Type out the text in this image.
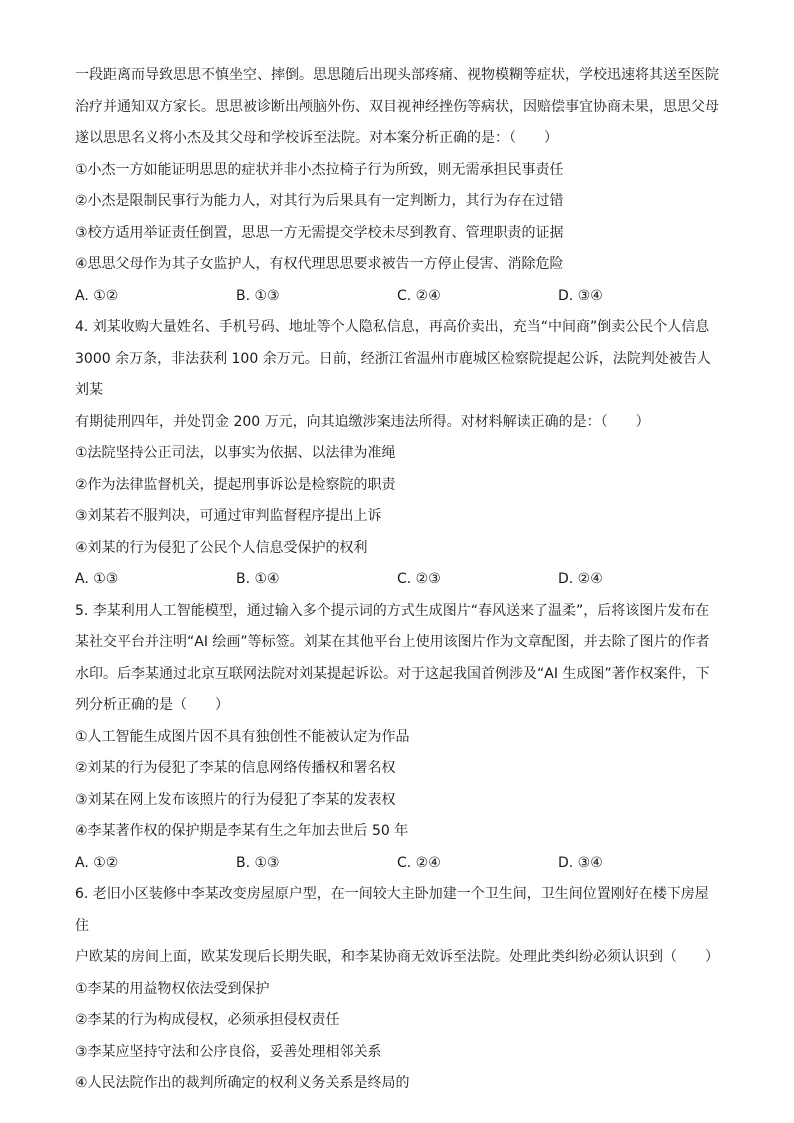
一段距离而导致思思不慎坐空、摔倒。思思随后出现头部疼痛、视物模糊等症状，学校迅速将其送至医院

治疗并通知双方家长。思思被诊断出颅脑外伤、双目视神经挫伤等病状，因赔偿事宜协商未果，思思父母

遂以思思名义将小杰及其父母和学校诉至法院。对本案分析正确的是：（　　）

①小杰一方如能证明思思的症状并非小杰拉椅子行为所致，则无需承担民事责任

②小杰是限制民事行为能力人，对其行为后果具有一定判断力，其行为存在过错

③校方适用举证责任倒置，思思一方无需提交学校未尽到教育、管理职责的证据

④思思父母作为其子女监护人，有权代理思思要求被告一方停止侵害、消除危险

A. ①②	B. ①③	C. ②④	D. ③④

4. 刘某收购大量姓名、手机号码、地址等个人隐私信息，再高价卖出，充当“中间商”倒卖公民个人信息

3000 余万条，非法获利 100 余万元。日前，经浙江省温州市鹿城区检察院提起公诉，法院判处被告人刘某

有期徒刑四年，并处罚金 200 万元，向其追缴涉案违法所得。对材料解读正确的是：（　　）

①法院坚持公正司法，以事实为依据、以法律为准绳

②作为法律监督机关，提起刑事诉讼是检察院的职责

③刘某若不服判决，可通过审判监督程序提出上诉

④刘某的行为侵犯了公民个人信息受保护的权利

A. ①③	B. ①④	C. ②③	D. ②④

5. 李某利用人工智能模型，通过输入多个提示词的方式生成图片“春风送来了温柔”，后将该图片发布在

某社交平台并注明“AI 绘画”等标签。刘某在其他平台上使用该图片作为文章配图，并去除了图片的作者

水印。后李某通过北京互联网法院对刘某提起诉讼。对于这起我国首例涉及“AI 生成图”著作权案件，下

列分析正确的是（　　）

①人工智能生成图片因不具有独创性不能被认定为作品

②刘某的行为侵犯了李某的信息网络传播权和署名权

③刘某在网上发布该照片的行为侵犯了李某的发表权

④李某著作权的保护期是李某有生之年加去世后 50 年

A. ①②	B. ①③	C. ②④	D. ③④

6. 老旧小区装修中李某改变房屋原户型，在一间较大主卧加建一个卫生间，卫生间位置刚好在楼下房屋住

户欧某的房间上面，欧某发现后长期失眠，和李某协商无效诉至法院。处理此类纠纷必须认识到（　　）

①李某的用益物权依法受到保护

②李某的行为构成侵权，必须承担侵权责任

③李某应坚持守法和公序良俗，妥善处理相邻关系

④人民法院作出的裁判所确定的权利义务关系是终局的
